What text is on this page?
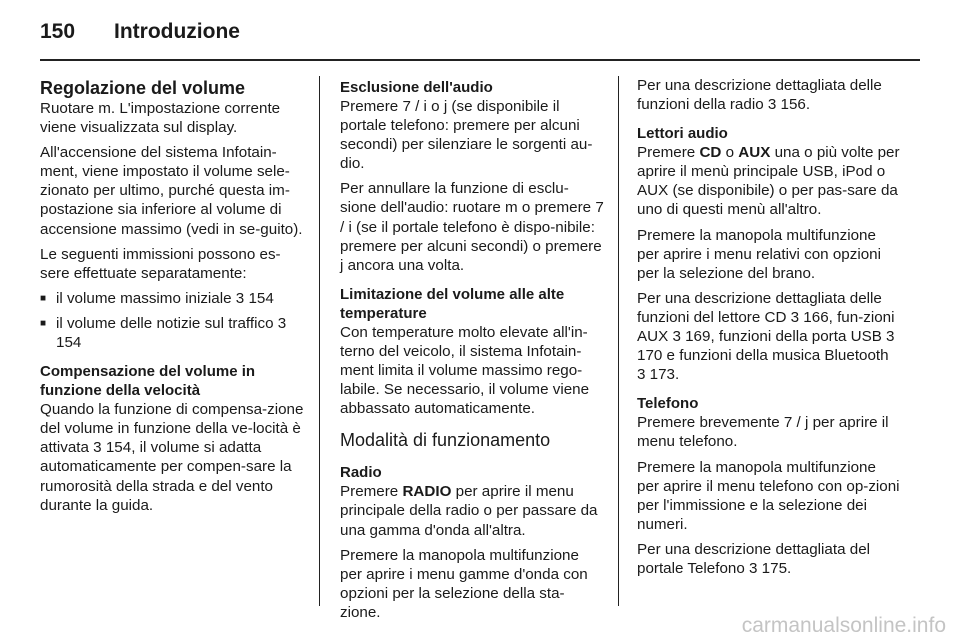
150 Introduzione
Regolazione del volume

Ruotare m. L'impostazione corrente viene visualizzata sul display.

All'accensione del sistema Infotain-ment, viene impostato il volume sele-zionato per ultimo, purché questa im-postazione sia inferiore al volume di accensione massimo (vedi in se-guito).

Le seguenti immissioni possono es-sere effettuate separatamente:

■ il volume massimo iniziale 3 154
■ il volume delle notizie sul traffico 3 154
Compensazione del volume in funzione della velocità

Quando la funzione di compensa-zione del volume in funzione della ve-locità è attivata 3 154, il volume si adatta automaticamente per compen-sare la rumorosità della strada e del vento durante la guida.

Esclusione dell'audio

Premere 7 / i o j (se disponibile il portale telefono: premere per alcuni secondi) per silenziare le sorgenti au-dio.

Per annullare la funzione di esclu-sione dell'audio: ruotare m o premere 7 / i (se il portale telefono è dispo-nibile: premere per alcuni secondi) o premere j ancora una volta.

Limitazione del volume alle alte temperature

Con temperature molto elevate all'in-terno del veicolo, il sistema Infotain-ment limita il volume massimo rego-labile. Se necessario, il volume viene abbassato automaticamente.

Modalità di funzionamento
Radio

Premere RADIO per aprire il menu principale della radio o per passare da una gamma d'onda all'altra.

Premere la manopola multifunzione per aprire i menu gamme d'onda con opzioni per la selezione della sta-zione.

Per una descrizione dettagliata delle funzioni della radio 3 156.

Lettori audio

Premere CD o AUX una o più volte per aprire il menù principale USB, iPod o AUX (se disponibile) o per pas-sare da uno di questi menù all'altro.

Premere la manopola multifunzione per aprire i menu relativi con opzioni per la selezione del brano.

Per una descrizione dettagliata delle funzioni del lettore CD 3 166, fun-zioni AUX 3 169, funzioni della porta USB 3 170 e funzioni della musica Bluetooth 3 173.

Telefono

Premere brevemente 7 / j per aprire il menu telefono.

Premere la manopola multifunzione per aprire il menu telefono con op-zioni per l'immissione e la selezione dei numeri.

Per una descrizione dettagliata del portale Telefono 3 175.

carmanualsonline.info
